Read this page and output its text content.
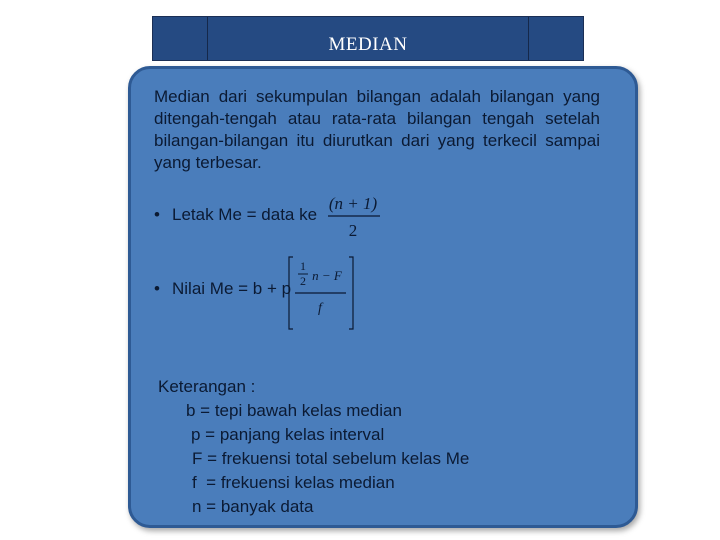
MEDIAN
Median dari sekumpulan bilangan adalah bilangan yang ditengah-tengah atau rata-rata bilangan tengah setelah bilangan-bilangan itu diurutkan dari yang terkecil sampai yang terbesar.
• Letak Me = data ke
(n + 1)
2
• Nilai Me = b + p
1
2 n − F
f
Keterangan :
b = tepi bawah kelas median
p = panjang kelas interval
F = frekuensi total sebelum kelas Me
f  = frekuensi kelas median
n = banyak data
